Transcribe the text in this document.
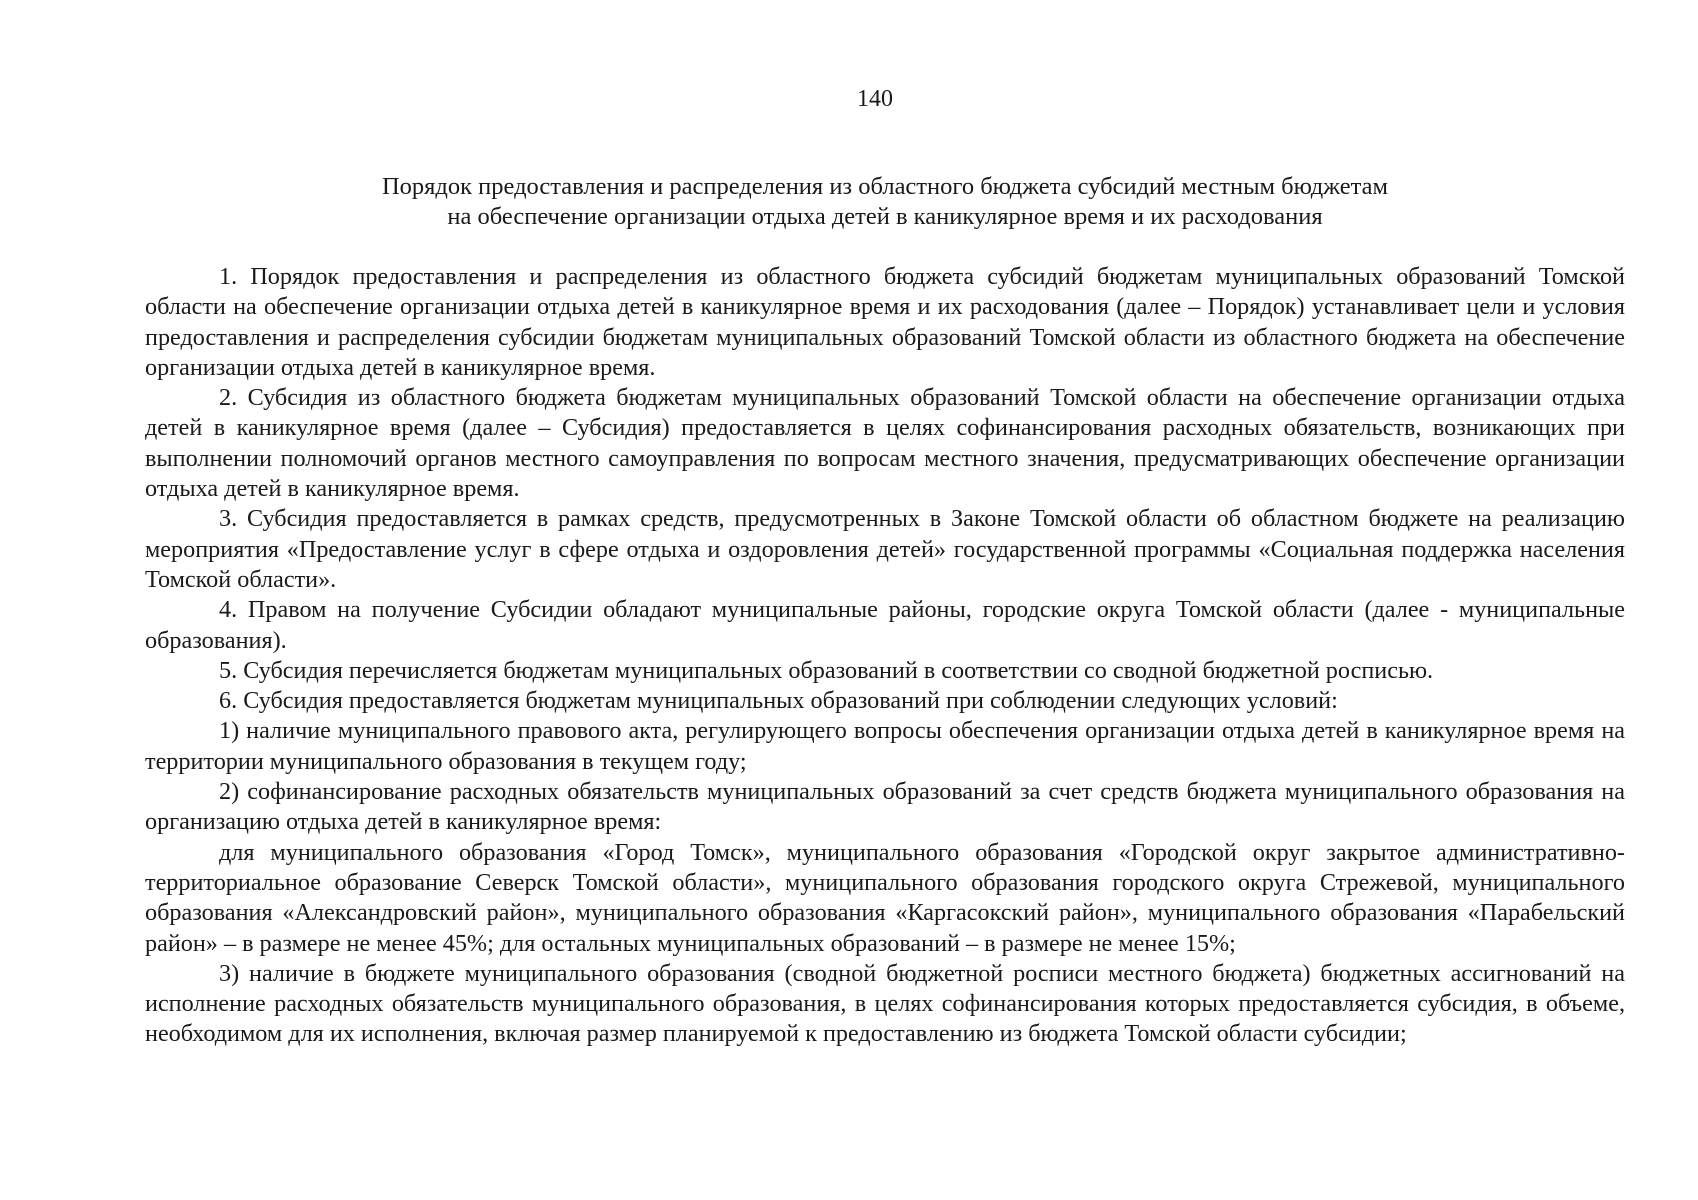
140
Порядок предоставления и распределения из областного бюджета субсидий местным бюджетам
на обеспечение организации отдыха детей в каникулярное время и их расходования

1. Порядок предоставления и распределения из областного бюджета субсидий бюджетам муниципальных образований Томской области на обеспечение организации отдыха детей в каникулярное время и их расходования (далее – Порядок) устанавливает цели и условия предоставления и распределения субсидии бюджетам муниципальных образований Томской области из областного бюджета на обеспечение организации отдыха детей в каникулярное время.

2. Субсидия из областного бюджета бюджетам муниципальных образований Томской области на обеспечение организации отдыха детей в каникулярное время (далее – Субсидия) предоставляется в целях софинансирования расходных обязательств, возникающих при выполнении полномочий органов местного самоуправления по вопросам местного значения, предусматривающих обеспечение организации отдыха детей в каникулярное время.

3. Субсидия предоставляется в рамках средств, предусмотренных в Законе Томской области об областном бюджете на реализацию мероприятия «Предоставление услуг в сфере отдыха и оздоровления детей» государственной программы «Социальная поддержка населения Томской области».

4. Правом на получение Субсидии обладают муниципальные районы, городские округа Томской области (далее - муниципальные образования).

5. Субсидия перечисляется бюджетам муниципальных образований в соответствии со сводной бюджетной росписью.

6. Субсидия предоставляется бюджетам муниципальных образований при соблюдении следующих условий:

1) наличие муниципального правового акта, регулирующего вопросы обеспечения организации отдыха детей в каникулярное время на территории муниципального образования в текущем году;

2) софинансирование расходных обязательств муниципальных образований за счет средств бюджета муниципального образования на организацию отдыха детей в каникулярное время:

для муниципального образования «Город Томск», муниципального образования «Городской округ закрытое административно-территориальное образование Северск Томской области», муниципального образования городского округа Стрежевой, муниципального образования «Александровский район», муниципального образования «Каргасокский район», муниципального образования «Парабельский район» – в размере не менее 45%; для остальных муниципальных образований – в размере не менее 15%;

3) наличие в бюджете муниципального образования (сводной бюджетной росписи местного бюджета) бюджетных ассигнований на исполнение расходных обязательств муниципального образования, в целях софинансирования которых предоставляется субсидия, в объеме, необходимом для их исполнения, включая размер планируемой к предоставлению из бюджета Томской области субсидии;
